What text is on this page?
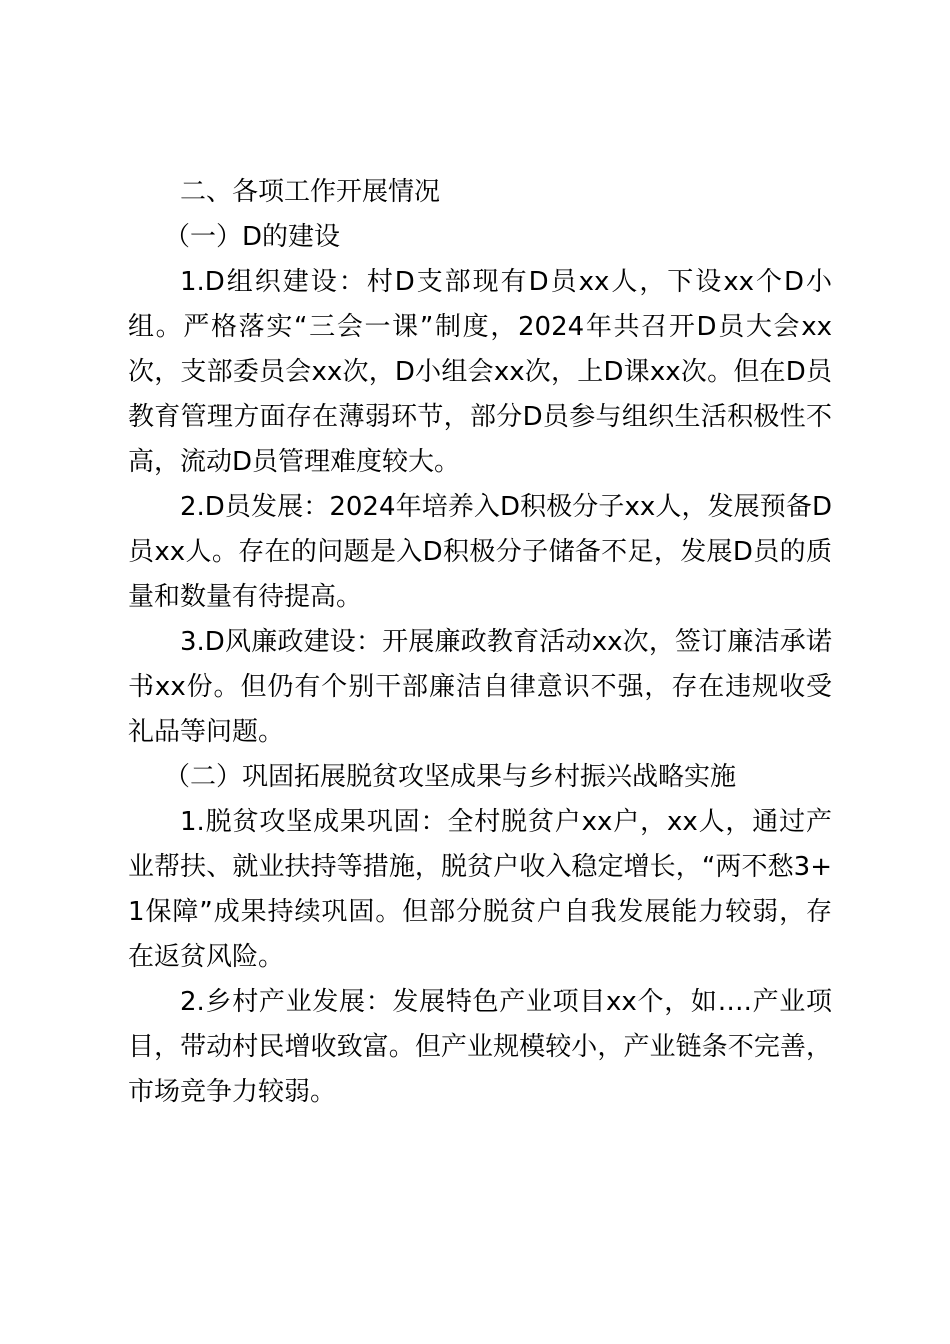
二、各项工作开展情况

（一）D的建设

1.D组织建设：村D支部现有D员xx人，下设xx个D小组。严格落实“三会一课”制度，2024年共召开D员大会xx次，支部委员会xx次，D小组会xx次，上D课xx次。但在D员教育管理方面存在薄弱环节，部分D员参与组织生活积极性不高，流动D员管理难度较大。

2.D员发展：2024年培养入D积极分子xx人，发展预备D员xx人。存在的问题是入D积极分子储备不足，发展D员的质量和数量有待提高。

3.D风廉政建设：开展廉政教育活动xx次，签订廉洁承诺书xx份。但仍有个别干部廉洁自律意识不强，存在违规收受礼品等问题。

（二）巩固拓展脱贫攻坚成果与乡村振兴战略实施

1.脱贫攻坚成果巩固：全村脱贫户xx户，xx人，通过产业帮扶、就业扶持等措施，脱贫户收入稳定增长，“两不愁3+1保障”成果持续巩固。但部分脱贫户自我发展能力较弱，存在返贫风险。

2.乡村产业发展：发展特色产业项目xx个，如….产业项目，带动村民增收致富。但产业规模较小，产业链条不完善，市场竞争力较弱。
